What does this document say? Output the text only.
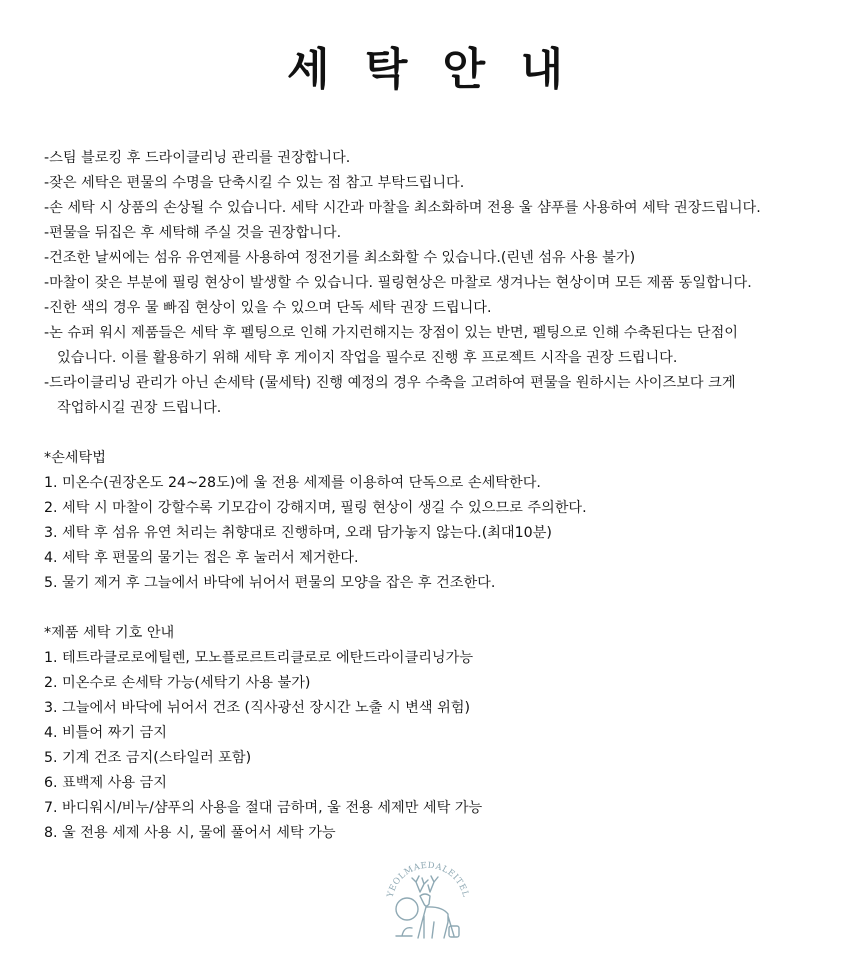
세 탁 안 내
-스팀 블로킹 후 드라이클리닝 관리를 권장합니다.
-잦은 세탁은 편물의 수명을 단축시킬 수 있는 점 참고 부탁드립니다.
-손 세탁 시 상품의 손상될 수 있습니다. 세탁 시간과 마찰을 최소화하며 전용 울 샴푸를 사용하여 세탁 권장드립니다.
-편물을 뒤집은 후 세탁해 주실 것을 권장합니다.
-건조한 날씨에는 섬유 유연제를 사용하여 정전기를 최소화할 수 있습니다.(린넨 섬유 사용 불가)
-마찰이 잦은 부분에 필링 현상이 발생할 수 있습니다. 필링현상은 마찰로 생겨나는 현상이며 모든 제품 동일합니다.
-진한 색의 경우 물 빠짐 현상이 있을 수 있으며 단독 세탁 권장 드립니다.
-논 슈퍼 워시 제품들은 세탁 후 펠팅으로 인해 가지런해지는 장점이 있는 반면, 펠팅으로 인해 수축된다는 단점이
있습니다. 이를 활용하기 위해 세탁 후 게이지 작업을 필수로 진행 후 프로젝트 시작을 권장 드립니다.
-드라이클리닝 관리가 아닌 손세탁 (물세탁) 진행 예정의 경우 수축을 고려하여 편물을 원하시는 사이즈보다 크게
작업하시길 권장 드립니다.
*손세탁법
1. 미온수(권장온도 24~28도)에 울 전용 세제를 이용하여 단독으로 손세탁한다.
2. 세탁 시 마찰이 강할수록 기모감이 강해지며, 필링 현상이 생길 수 있으므로 주의한다.
3. 세탁 후 섬유 유연 처리는 취향대로 진행하며, 오래 담가놓지 않는다.(최대10분)
4. 세탁 후 편물의 물기는 접은 후 눌러서 제거한다.
5. 물기 제거 후 그늘에서 바닥에 뉘어서 편물의 모양을 잡은 후 건조한다.
*제품 세탁 기호 안내
1. 테트라클로로에틸렌, 모노플로르트리클로로 에탄드라이클리닝가능
2. 미온수로 손세탁 가능(세탁기 사용 불가)
3. 그늘에서 바닥에 뉘어서 건조 (직사광선 장시간 노출 시 변색 위험)
4. 비틀어 짜기 금지
5. 기계 건조 금지(스타일러 포함)
6. 표백제 사용 금지
7. 바디워시/비누/샴푸의 사용을 절대 금하며, 울 전용 세제만 세탁 가능
8. 울 전용 세제 사용 시, 물에 풀어서 세탁 가능
YEOLMAEDALEITEL
